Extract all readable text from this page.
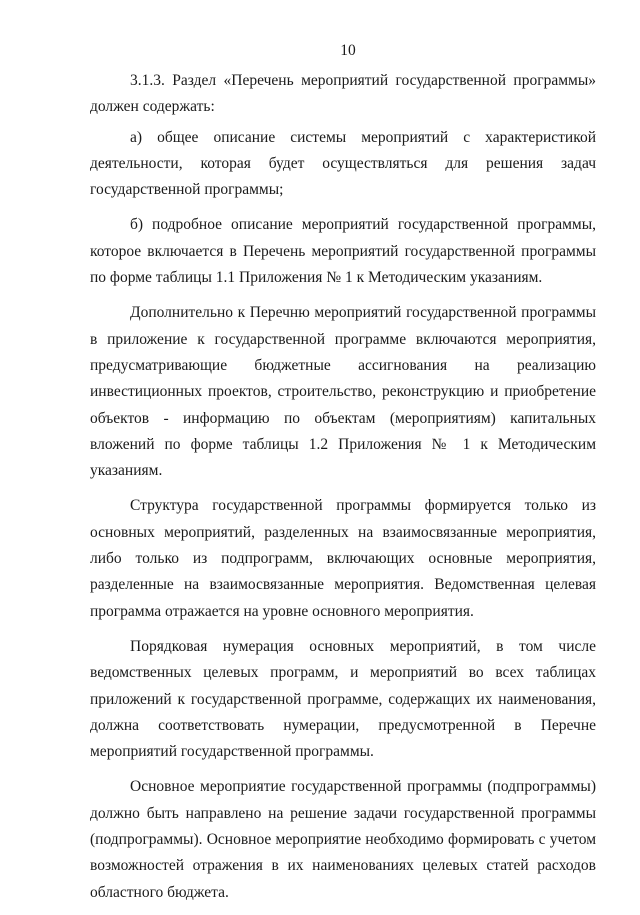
10

3.1.3. Раздел «Перечень мероприятий государственной программы» должен содержать:

а) общее описание системы мероприятий с характеристикой деятельности, которая будет осуществляться для решения задач государственной программы;

б) подробное описание мероприятий государственной программы, которое включается в Перечень мероприятий государственной программы по форме таблицы 1.1 Приложения № 1 к Методическим указаниям.

Дополнительно к Перечню мероприятий государственной программы в приложение к государственной программе включаются мероприятия, предусматривающие бюджетные ассигнования на реализацию инвестиционных проектов, строительство, реконструкцию и приобретение объектов - информацию по объектам (мероприятиям) капитальных вложений по форме таблицы 1.2 Приложения № 1 к Методическим указаниям.

Структура государственной программы формируется только из основных мероприятий, разделенных на взаимосвязанные мероприятия, либо только из подпрограмм, включающих основные мероприятия, разделенные на взаимосвязанные мероприятия. Ведомственная целевая программа отражается на уровне основного мероприятия.

Порядковая нумерация основных мероприятий, в том числе ведомственных целевых программ, и мероприятий во всех таблицах приложений к государственной программе, содержащих их наименования, должна соответствовать нумерации, предусмотренной в Перечне мероприятий государственной программы.

Основное мероприятие государственной программы (подпрограммы) должно быть направлено на решение задачи государственной программы (подпрограммы). Основное мероприятие необходимо формировать с учетом возможностей отражения в их наименованиях целевых статей расходов областного бюджета.
